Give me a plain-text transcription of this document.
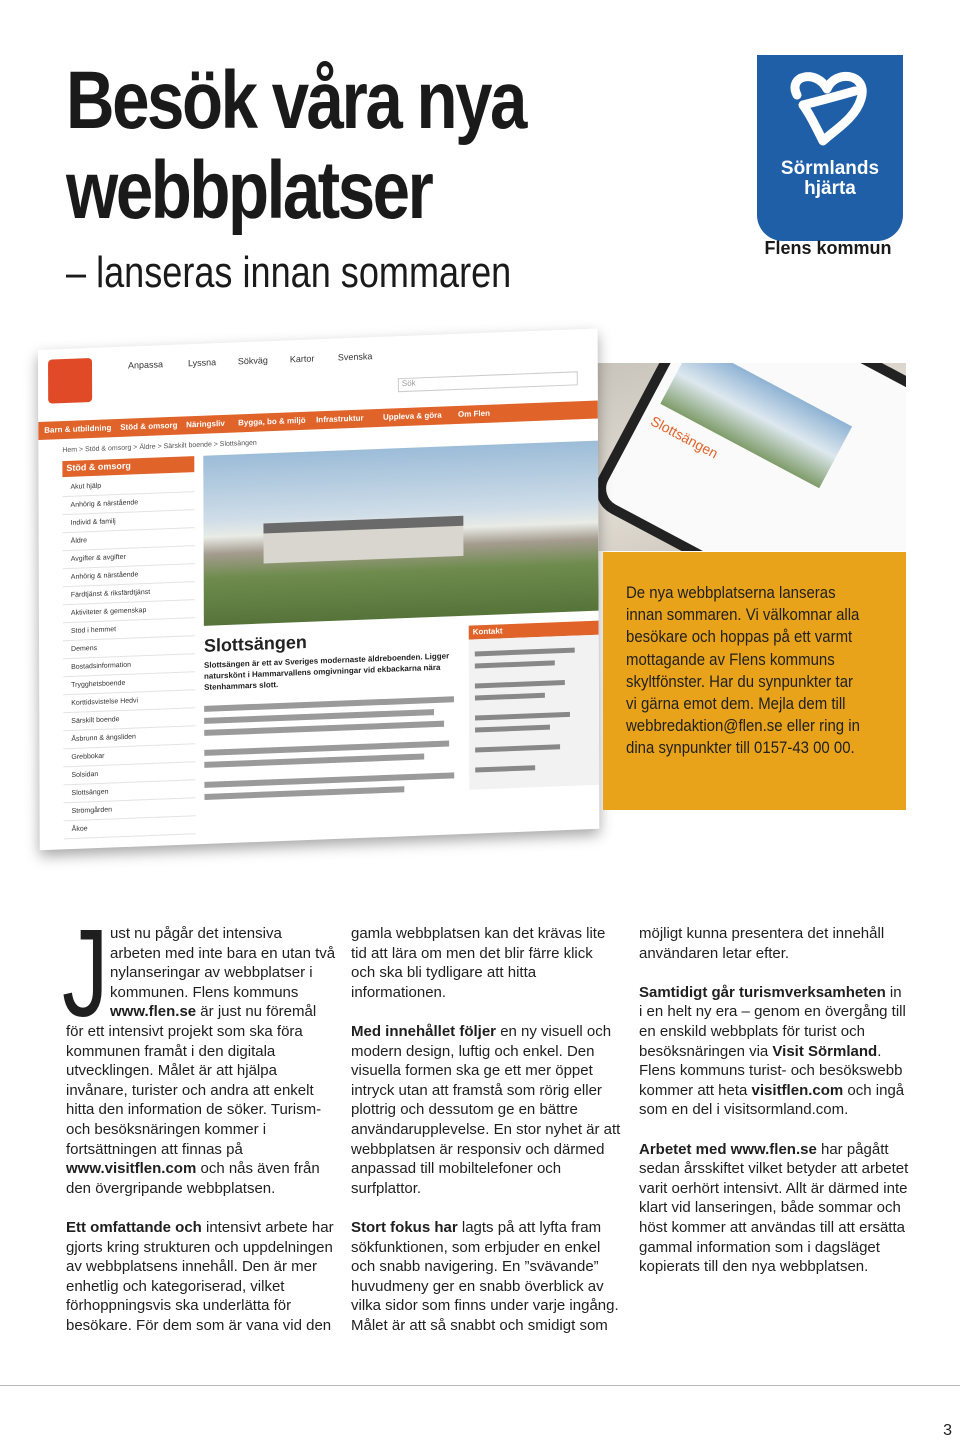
Besök våra nya webbplatser
– lanseras innan sommaren
Sörmlands
hjärta
Flens kommun
Slottsängen
Anpassa	Lyssna Sökväg Kartor	Svenska
Sök
Barn & utbildning Stöd & omsorg Näringsliv Bygga, bo & miljö Infrastruktur Uppleva & göra Om Flen
Hem > Stöd & omsorg > Äldre > Särskilt boende > Slottsängen
Stöd & omsorg
Akut hjälp
Anhörig & närstående
Individ & familj
Äldre
Avgifter & avgifter
Anhörig & närstående
Färdtjänst & riksfärdtjänst
Aktiviteter & gemenskap
Stöd i hemmet
Demens
Bostadsinformation
Trygghetsboende
Korttidsvistelse Hedvi
Särskilt boende
Åsbrunn & ängsliden
Grebbokar
Solsidan
Slottsängen
Strömgården
Åkoe
Slottsängen
Slottsängen är ett av Sveriges modernaste äldreboenden. Ligger naturskönt i Hammarvallens omgivningar vid ekbackarna nära Stenhammars slott.
Kontakt
De nya webbplatserna lanseras innan sommaren. Vi välkomnar alla besökare och hoppas på ett varmt mottagande av Flens kommuns skyltfönster. Har du synpunkter tar vi gärna emot dem. Mejla dem till webbredaktion@flen.se eller ring in dina synpunkter till 0157-43 00 00.

Just nu pågår det intensiva arbeten med inte bara en utan två nylanseringar av webbplatser i kommunen. Flens kommuns www.flen.se är just nu föremål för ett intensivt projekt som ska föra kommunen framåt i den digitala utvecklingen. Målet är att hjälpa invånare, turister och andra att enkelt hitta den information de söker. Turism- och besöksnäringen kommer i fortsättningen att finnas på www.visitflen.com och nås även från den övergripande webbplatsen.

Ett omfattande och intensivt arbete har gjorts kring strukturen och uppdelningen av webbplatsens innehåll. Den är mer enhetlig och kategoriserad, vilket förhoppningsvis ska underlätta för besökare. För dem som är vana vid den

gamla webbplatsen kan det krävas lite tid att lära om men det blir färre klick och ska bli tydligare att hitta informationen.

Med innehållet följer en ny visuell och modern design, luftig och enkel. Den visuella formen ska ge ett mer öppet intryck utan att framstå som rörig eller plottrig och dessutom ge en bättre användarupplevelse. En stor nyhet är att webbplatsen är responsiv och därmed anpassad till mobiltelefoner och surfplattor.

Stort fokus har lagts på att lyfta fram sökfunktionen, som erbjuder en enkel och snabb navigering. En ”svävande” huvudmeny ger en snabb överblick av vilka sidor som finns under varje ingång. Målet är att så snabbt och smidigt som

möjligt kunna presentera det innehåll användaren letar efter.

Samtidigt går turismverksamheten in i en helt ny era – genom en övergång till en enskild webbplats för turist och besöksnäringen via Visit Sörmland. Flens kommuns turist- och besökswebb kommer att heta visitflen.com och ingå som en del i visitsormland.com.

Arbetet med www.flen.se har pågått sedan årsskiftet vilket betyder att arbetet varit oerhört intensivt. Allt är därmed inte klart vid lanseringen, både sommar och höst kommer att användas till att ersätta gammal information som i dagsläget kopierats till den nya webbplatsen.

3
